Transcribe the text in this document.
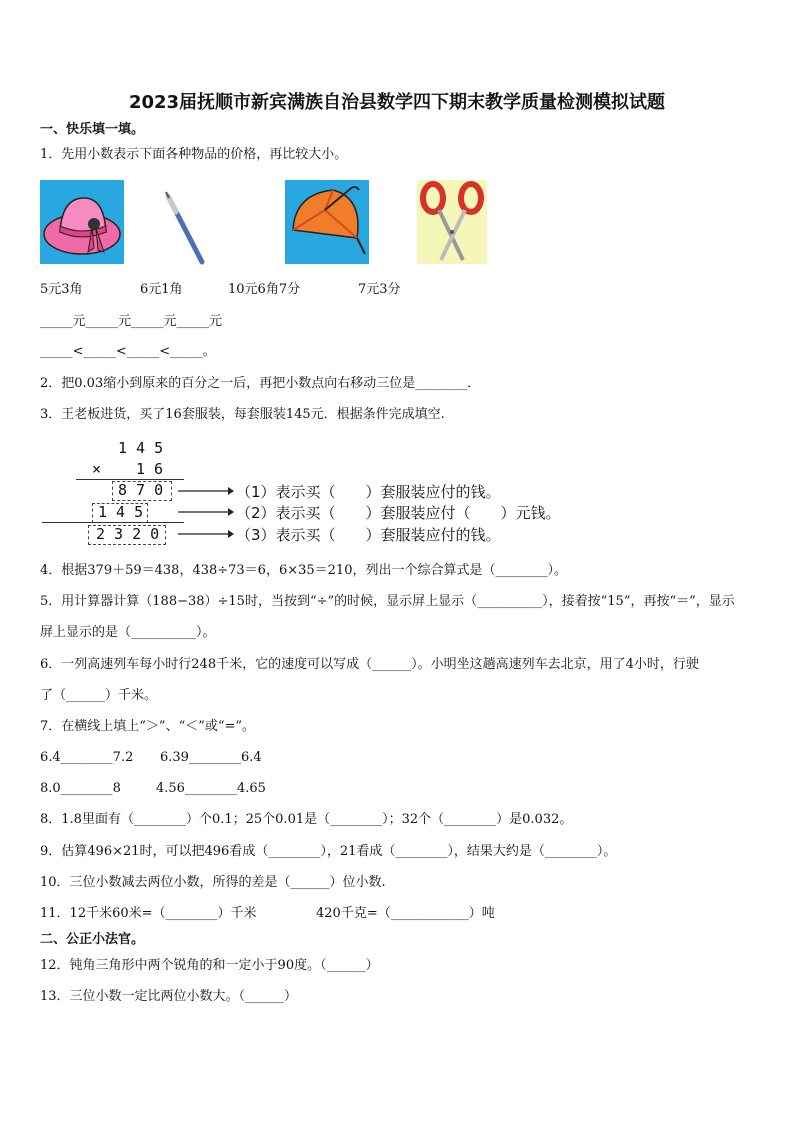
2023届抚顺市新宾满族自治县数学四下期末教学质量检测模拟试题
一、快乐填一填。
1．先用小数表示下面各种物品的价格，再比较大小。
5元3角	6元1角	10元6角7分	7元3分
_____元_____元_____元_____元
_____<_____<_____<_____。
2．把0.03缩小到原来的百分之一后，再把小数点向右移动三位是________．
3．王老板进货，买了16套服装，每套服装145元．根据条件完成填空.
1 4 5
× 1 6
8 7 0
1 4 5
2 3 2 0
（1）表示买（　　）套服装应付的钱。
（2）表示买（　　）套服装应付（　　）元钱。
（3）表示买（　　）套服装应付的钱。
4．根据379＋59＝438，438÷73＝6，6×35＝210，列出一个综合算式是（________）。
5．用计算器计算（188−38）÷15时，当按到“÷”的时候，显示屏上显示（__________），接着按“15”，再按“＝”，显示
屏上显示的是（__________）。
6．一列高速列车每小时行248千米，它的速度可以写成（______）。小明坐这趟高速列车去北京，用了4小时，行驶
了（______）千米。
7．在横线上填上“＞”、“＜”或“=”。
6.4________7.2 6.39________6.4
8.0________8	4.56________4.65
8．1.8里面有（________）个0.1；25个0.01是（________）；32个（________）是0.032。
9．估算496×21时，可以把496看成（________），21看成（________），结果大约是（________）。
10．三位小数减去两位小数，所得的差是（______）位小数.
11．12千米60米=（________）千米	420千克=（____________）吨
二、公正小法官。
12．钝角三角形中两个锐角的和一定小于90度。（______）
13．三位小数一定比两位小数大。（______）
